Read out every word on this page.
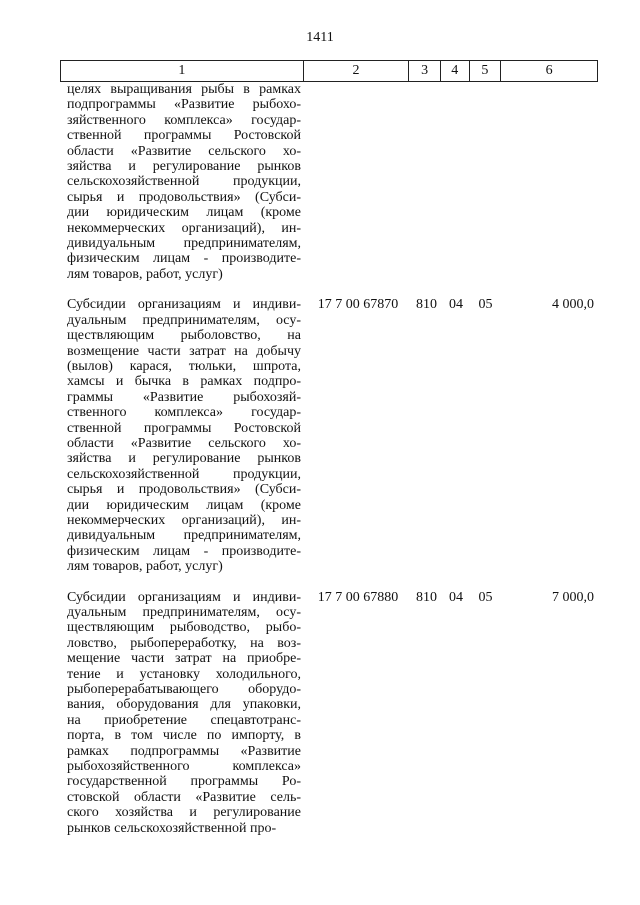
1411
1	2	3	4	5	6
целях выращивания рыбы в рамках
подпрограммы «Развитие рыбохо-
зяйственного комплекса» государ-
ственной программы Ростовской
области «Развитие сельского хо-
зяйства и регулирование рынков
сельскохозяйственной продукции,
сырья и продовольствия» (Субси-
дии юридическим лицам (кроме
некоммерческих организаций), ин-
дивидуальным предпринимателям,
физическим лицам - производите-
лям товаров, работ, услуг)
Субсидии организациям и индиви-
дуальным предпринимателям, осу-
ществляющим рыболовство, на
возмещение части затрат на добычу
(вылов) карася, тюльки, шпрота,
хамсы и бычка в рамках подпро-
граммы «Развитие рыбохозяй-
ственного комплекса» государ-
ственной программы Ростовской
области «Развитие сельского хо-
зяйства и регулирование рынков
сельскохозяйственной продукции,
сырья и продовольствия» (Субси-
дии юридическим лицам (кроме
некоммерческих организаций), ин-
дивидуальным предпринимателям,
физическим лицам - производите-
лям товаров, работ, услуг)
17 7 00 67870	810 04	05	4 000,0
Субсидии организациям и индиви-
дуальным предпринимателям, осу-
ществляющим рыбоводство, рыбо-
ловство, рыбопереработку, на воз-
мещение части затрат на приобре-
тение и установку холодильного,
рыбоперерабатывающего оборудо-
вания, оборудования для упаковки,
на приобретение спецавтотранс-
порта, в том числе по импорту, в
рамках подпрограммы «Развитие
рыбохозяйственного комплекса»
государственной программы Ро-
стовской области «Развитие сель-
ского хозяйства и регулирование
рынков сельскохозяйственной про-
17 7 00 67880	810 04	05	7 000,0
